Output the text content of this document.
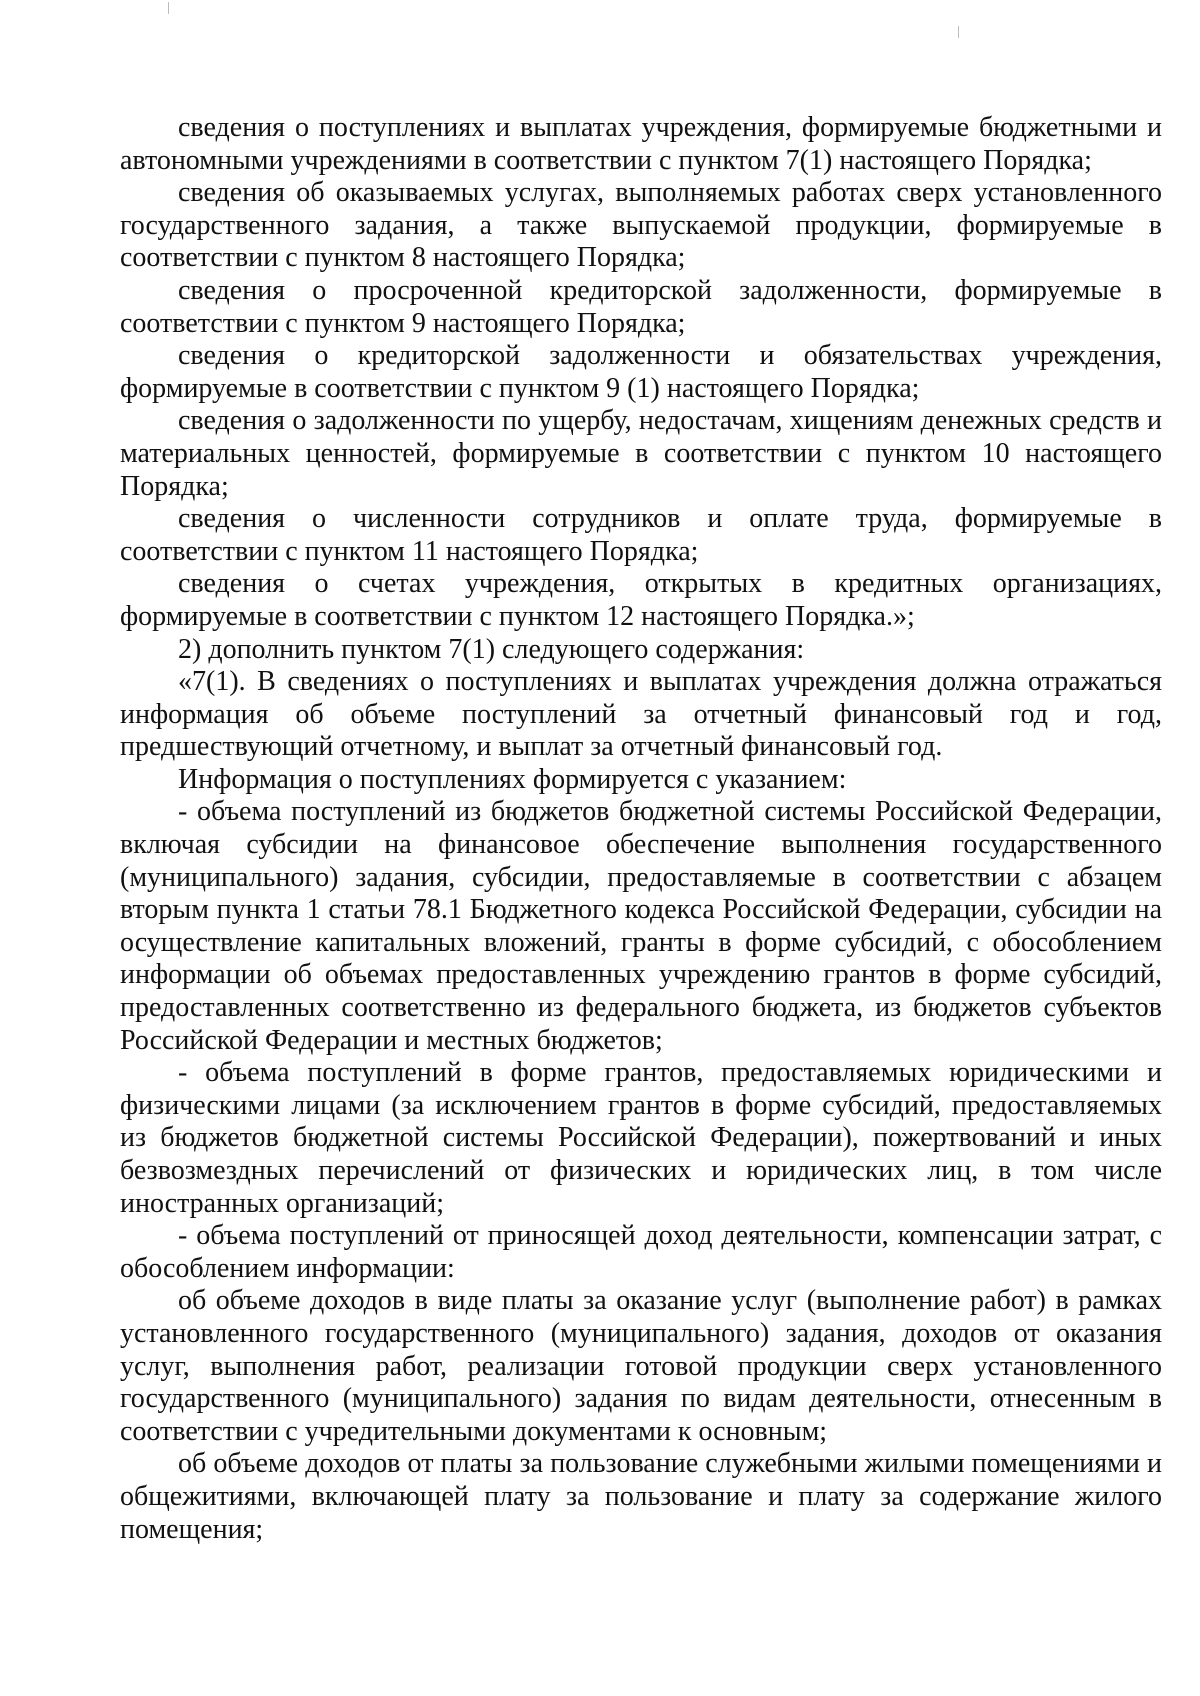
сведения о поступлениях и выплатах учреждения, формируемые бюджетными и автономными учреждениями в соответствии с пунктом 7(1) настоящего Порядка;

сведения об оказываемых услугах, выполняемых работах сверх установленного государственного задания, а также выпускаемой продукции, формируемые в соответствии с пунктом 8 настоящего Порядка;

сведения о просроченной кредиторской задолженности, формируемые в соответствии с пунктом 9 настоящего Порядка;

сведения о кредиторской задолженности и обязательствах учреждения, формируемые в соответствии с пунктом 9 (1) настоящего Порядка;

сведения о задолженности по ущербу, недостачам, хищениям денежных средств и материальных ценностей, формируемые в соответствии с пунктом 10 настоящего Порядка;

сведения о численности сотрудников и оплате труда, формируемые в соответствии с пунктом 11 настоящего Порядка;

сведения о счетах учреждения, открытых в кредитных организациях, формируемые в соответствии с пунктом 12 настоящего Порядка.»;

2) дополнить пунктом 7(1) следующего содержания:

«7(1). В сведениях о поступлениях и выплатах учреждения должна отражаться информация об объеме поступлений за отчетный финансовый год и год, предшествующий отчетному, и выплат за отчетный финансовый год.

Информация о поступлениях формируется с указанием:

- объема поступлений из бюджетов бюджетной системы Российской Федерации, включая субсидии на финансовое обеспечение выполнения государственного (муниципального) задания, субсидии, предоставляемые в соответствии с абзацем вторым пункта 1 статьи 78.1 Бюджетного кодекса Российской Федерации, субсидии на осуществление капитальных вложений, гранты в форме субсидий, с обособлением информации об объемах предоставленных учреждению грантов в форме субсидий, предоставленных соответственно из федерального бюджета, из бюджетов субъектов Российской Федерации и местных бюджетов;

- объема поступлений в форме грантов, предоставляемых юридическими и физическими лицами (за исключением грантов в форме субсидий, предоставляемых из бюджетов бюджетной системы Российской Федерации), пожертвований и иных безвозмездных перечислений от физических и юридических лиц, в том числе иностранных организаций;

- объема поступлений от приносящей доход деятельности, компенсации затрат, с обособлением информации:

об объеме доходов в виде платы за оказание услуг (выполнение работ) в рамках установленного государственного (муниципального) задания, доходов от оказания услуг, выполнения работ, реализации готовой продукции сверх установленного государственного (муниципального) задания по видам деятельности, отнесенным в соответствии с учредительными документами к основным;

об объеме доходов от платы за пользование служебными жилыми помещениями и общежитиями, включающей плату за пользование и плату за содержание жилого помещения;
